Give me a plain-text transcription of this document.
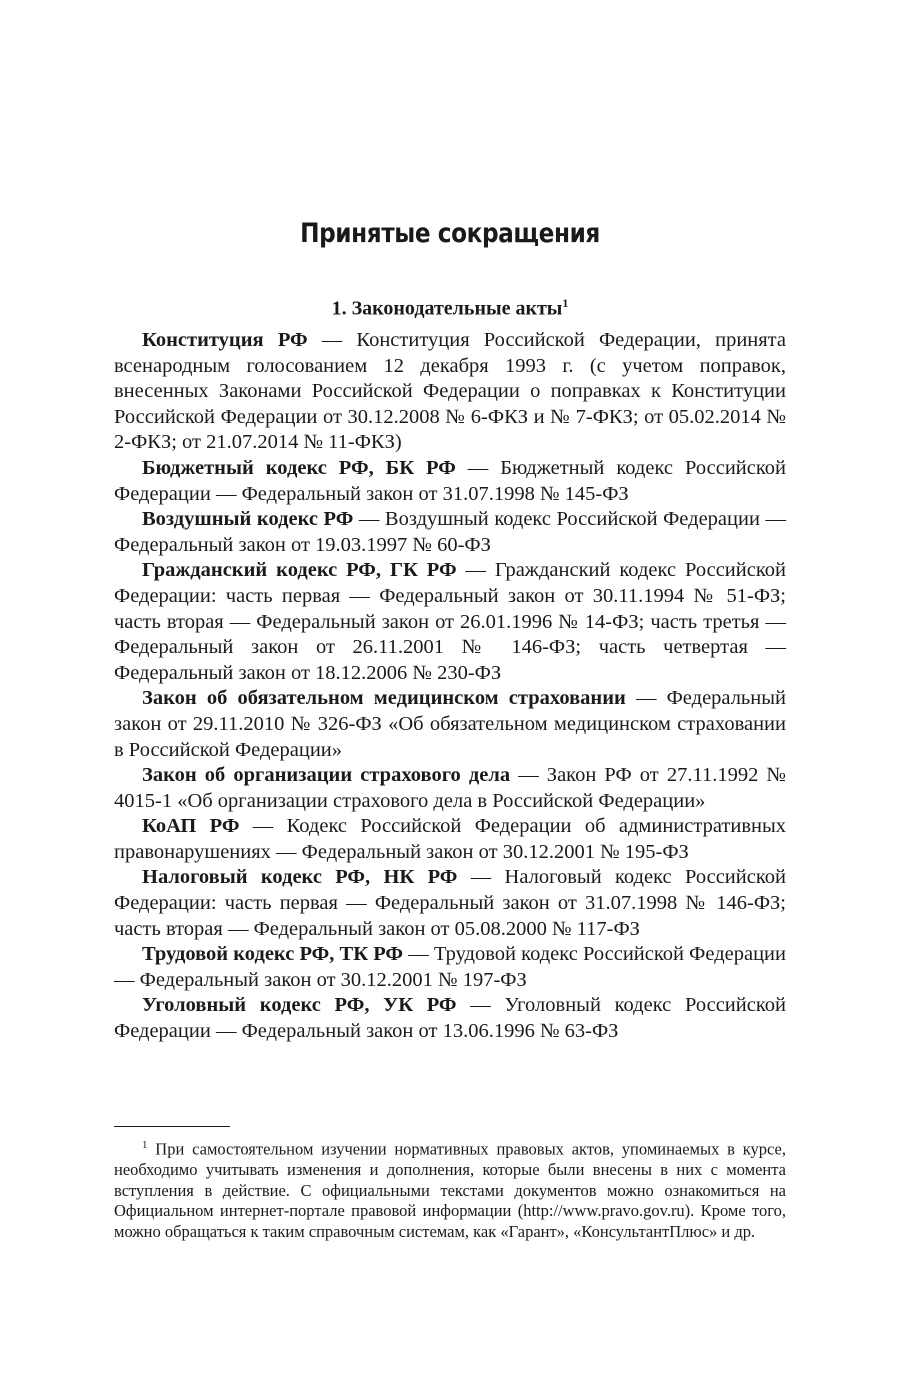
Принятые сокращения
1. Законодательные акты$^1$

Конституция РФ — Конституция Российской Федерации, принята всенародным голосованием 12 декабря 1993 г. (с учетом поправок, внесенных Законами Российской Федерации о поправках к Конституции Российской Федерации от 30.12.2008 № 6-ФКЗ и № 7-ФКЗ; от 05.02.2014 № 2-ФКЗ; от 21.07.2014 № 11-ФКЗ)

Бюджетный кодекс РФ, БК РФ — Бюджетный кодекс Российской Федерации — Федеральный закон от 31.07.1998 № 145-ФЗ

Воздушный кодекс РФ — Воздушный кодекс Российской Федерации — Федеральный закон от 19.03.1997 № 60-ФЗ

Гражданский кодекс РФ, ГК РФ — Гражданский кодекс Российской Федерации: часть первая — Федеральный закон от 30.11.1994 № 51-ФЗ; часть вторая — Федеральный закон от 26.01.1996 № 14-ФЗ; часть третья — Федеральный закон от 26.11.2001 № 146-ФЗ; часть четвертая — Федеральный закон от 18.12.2006 № 230-ФЗ

Закон об обязательном медицинском страховании — Федеральный закон от 29.11.2010 № 326-ФЗ «Об обязательном медицинском страховании в Российской Федерации»

Закон об организации страхового дела — Закон РФ от 27.11.1992 № 4015-1 «Об организации страхового дела в Российской Федерации»

КоАП РФ — Кодекс Российской Федерации об административных правонарушениях — Федеральный закон от 30.12.2001 № 195-ФЗ

Налоговый кодекс РФ, НК РФ — Налоговый кодекс Российской Федерации: часть первая — Федеральный закон от 31.07.1998 № 146-ФЗ; часть вторая — Федеральный закон от 05.08.2000 № 117-ФЗ

Трудовой кодекс РФ, ТК РФ — Трудовой кодекс Российской Федерации — Федеральный закон от 30.12.2001 № 197-ФЗ

Уголовный кодекс РФ, УК РФ — Уголовный кодекс Российской Федерации — Федеральный закон от 13.06.1996 № 63-ФЗ

$^1$ При самостоятельном изучении нормативных правовых актов, упоминаемых в курсе, необходимо учитывать изменения и дополнения, которые были внесены в них с момента вступления в действие. С официальными текстами документов можно ознакомиться на Официальном интернет-портале правовой информации (http://www.pravo.gov.ru). Кроме того, можно обращаться к таким справочным системам, как «Гарант», «КонсультантПлюс» и др.
